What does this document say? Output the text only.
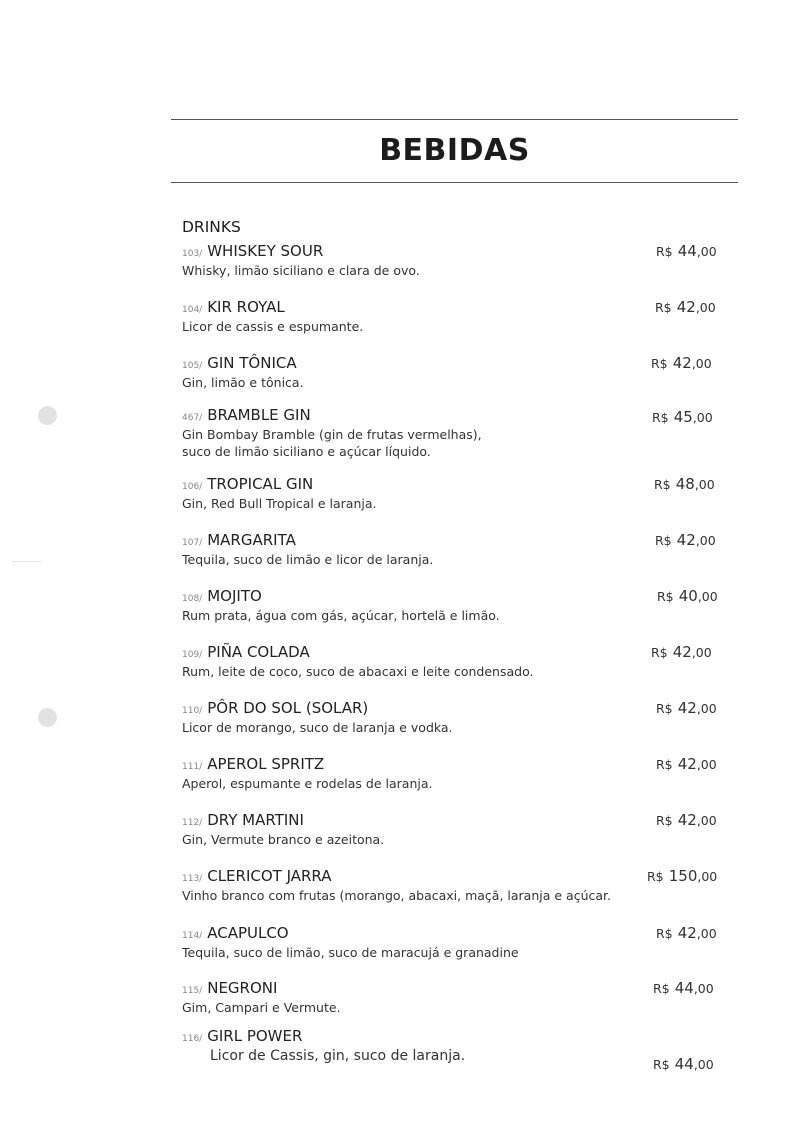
BEBIDAS
DRINKS
103/ WHISKEY SOUR
Whisky, limão siciliano e clara de ovo.
R$ 44,00
104/ KIR ROYAL
Licor de cassis e espumante.
R$ 42,00
105/ GIN TÔNICA
Gin, limão e tônica.
R$ 42,00
467/ BRAMBLE GIN
Gin Bombay Bramble (gin de frutas vermelhas),
suco de limão siciliano e açúcar líquido.
R$ 45,00
106/ TROPICAL GIN
Gin, Red Bull Tropical e laranja.
R$ 48,00
107/ MARGARITA
Tequila, suco de limão e licor de laranja.
R$ 42,00
108/ MOJITO
Rum prata, água com gás, açúcar, hortelã e limão.
R$ 40,00
109/ PIÑA COLADA
Rum, leite de coco, suco de abacaxi e leite condensado.
R$ 42,00
110/ PÔR DO SOL (SOLAR)
Licor de morango, suco de laranja e vodka.
R$ 42,00
111/ APEROL SPRITZ
Aperol, espumante e rodelas de laranja.
R$ 42,00
112/ DRY MARTINI
Gin, Vermute branco e azeitona.
R$ 42,00
113/ CLERICOT JARRA
Vinho branco com frutas (morango, abacaxi, maçã, laranja e açúcar.
R$ 150,00
114/ ACAPULCO
Tequila, suco de limão, suco de maracujá e granadine
R$ 42,00
115/ NEGRONI
Gim, Campari e Vermute.
R$ 44,00
116/ GIRL POWER
Licor de Cassis, gin, suco de laranja.
R$ 44,00
